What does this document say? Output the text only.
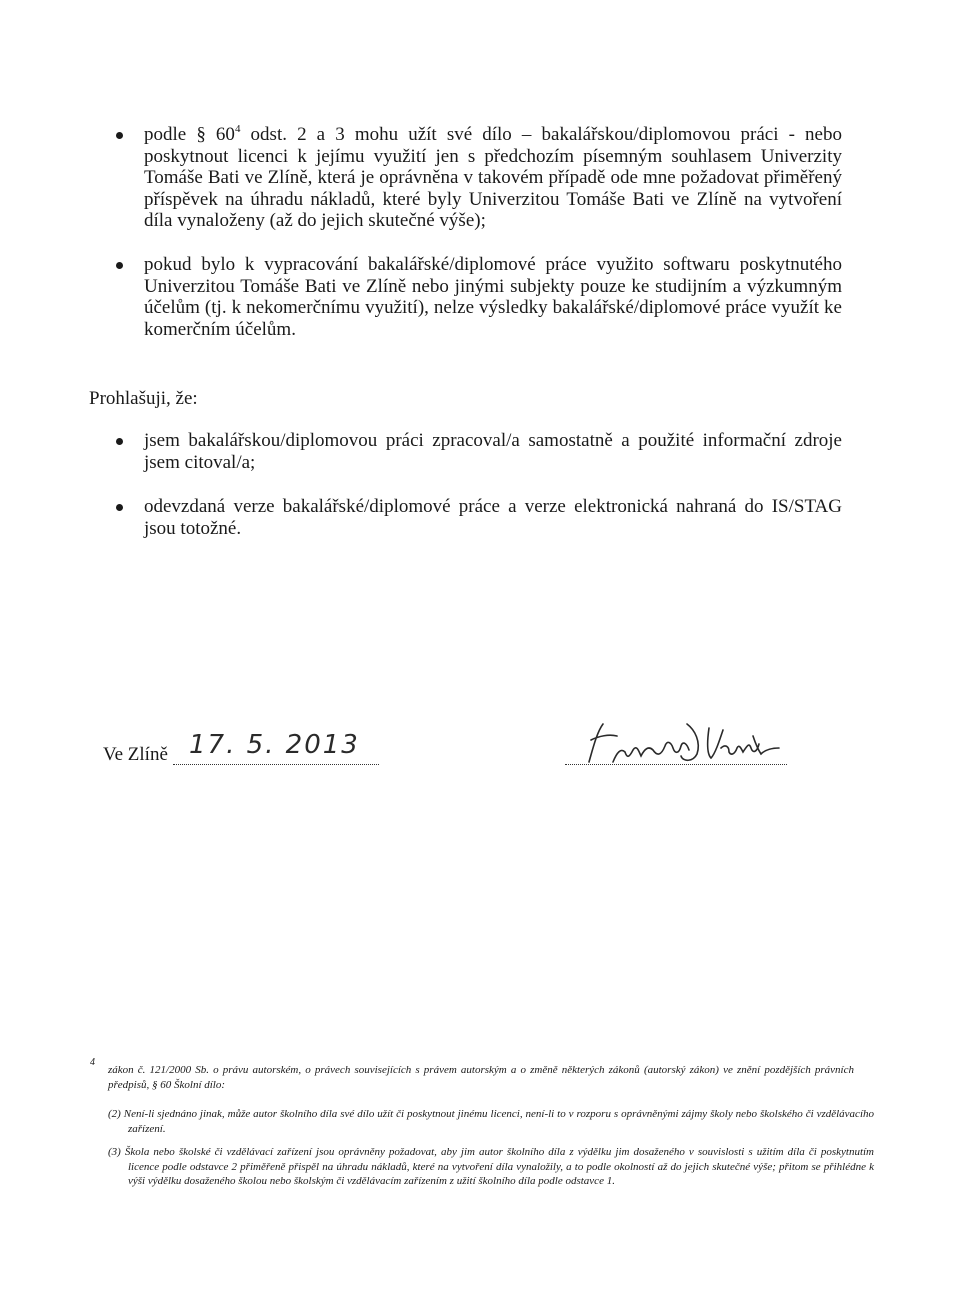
podle § $60^4$ odst. 2 a 3 mohu užít své dílo – bakalářskou/diplomovou práci - nebo poskytnout licenci k jejímu využití jen s předchozím písemným souhlasem Univerzity Tomáše Bati ve Zlíně, která je oprávněna v takovém případě ode mne požadovat přiměřený příspěvek na úhradu nákladů, které byly Univerzitou Tomáše Bati ve Zlíně na vytvoření díla vynaloženy (až do jejich skutečné výše);
pokud bylo k vypracování bakalářské/diplomové práce využito softwaru poskytnutého Univerzitou Tomáše Bati ve Zlíně nebo jinými subjekty pouze ke studijním a výzkumným účelům (tj. k nekomerčnímu využití), nelze výsledky bakalářské/diplomové práce využít ke komerčním účelům.
Prohlašuji, že:
jsem bakalářskou/diplomovou práci zpracoval/a samostatně a použité informační zdroje jsem citoval/a;
odevzdaná verze bakalářské/diplomové práce a verze elektronická nahraná do IS/STAG jsou totožné.
Ve Zlíně 17. 5. 2013
4
zákon č. 121/2000 Sb. o právu autorském, o právech souvisejících s právem autorským a o změně některých zákonů (autorský zákon) ve znění pozdějších právních předpisů, § 60 Školní dílo:
(2) Není-li sjednáno jinak, může autor školního díla své dílo užít či poskytnout jinému licenci, není-li to v rozporu s oprávněnými zájmy školy nebo školského či vzdělávacího zařízení.
(3) Škola nebo školské či vzdělávací zařízení jsou oprávněny požadovat, aby jim autor školního díla z výdělku jim dosaženého v souvislosti s užitím díla či poskytnutím licence podle odstavce 2 přiměřeně přispěl na úhradu nákladů, které na vytvoření díla vynaložily, a to podle okolností až do jejich skutečné výše; přitom se přihlédne k výši výdělku dosaženého školou nebo školským či vzdělávacím zařízením z užití školního díla podle odstavce 1.
